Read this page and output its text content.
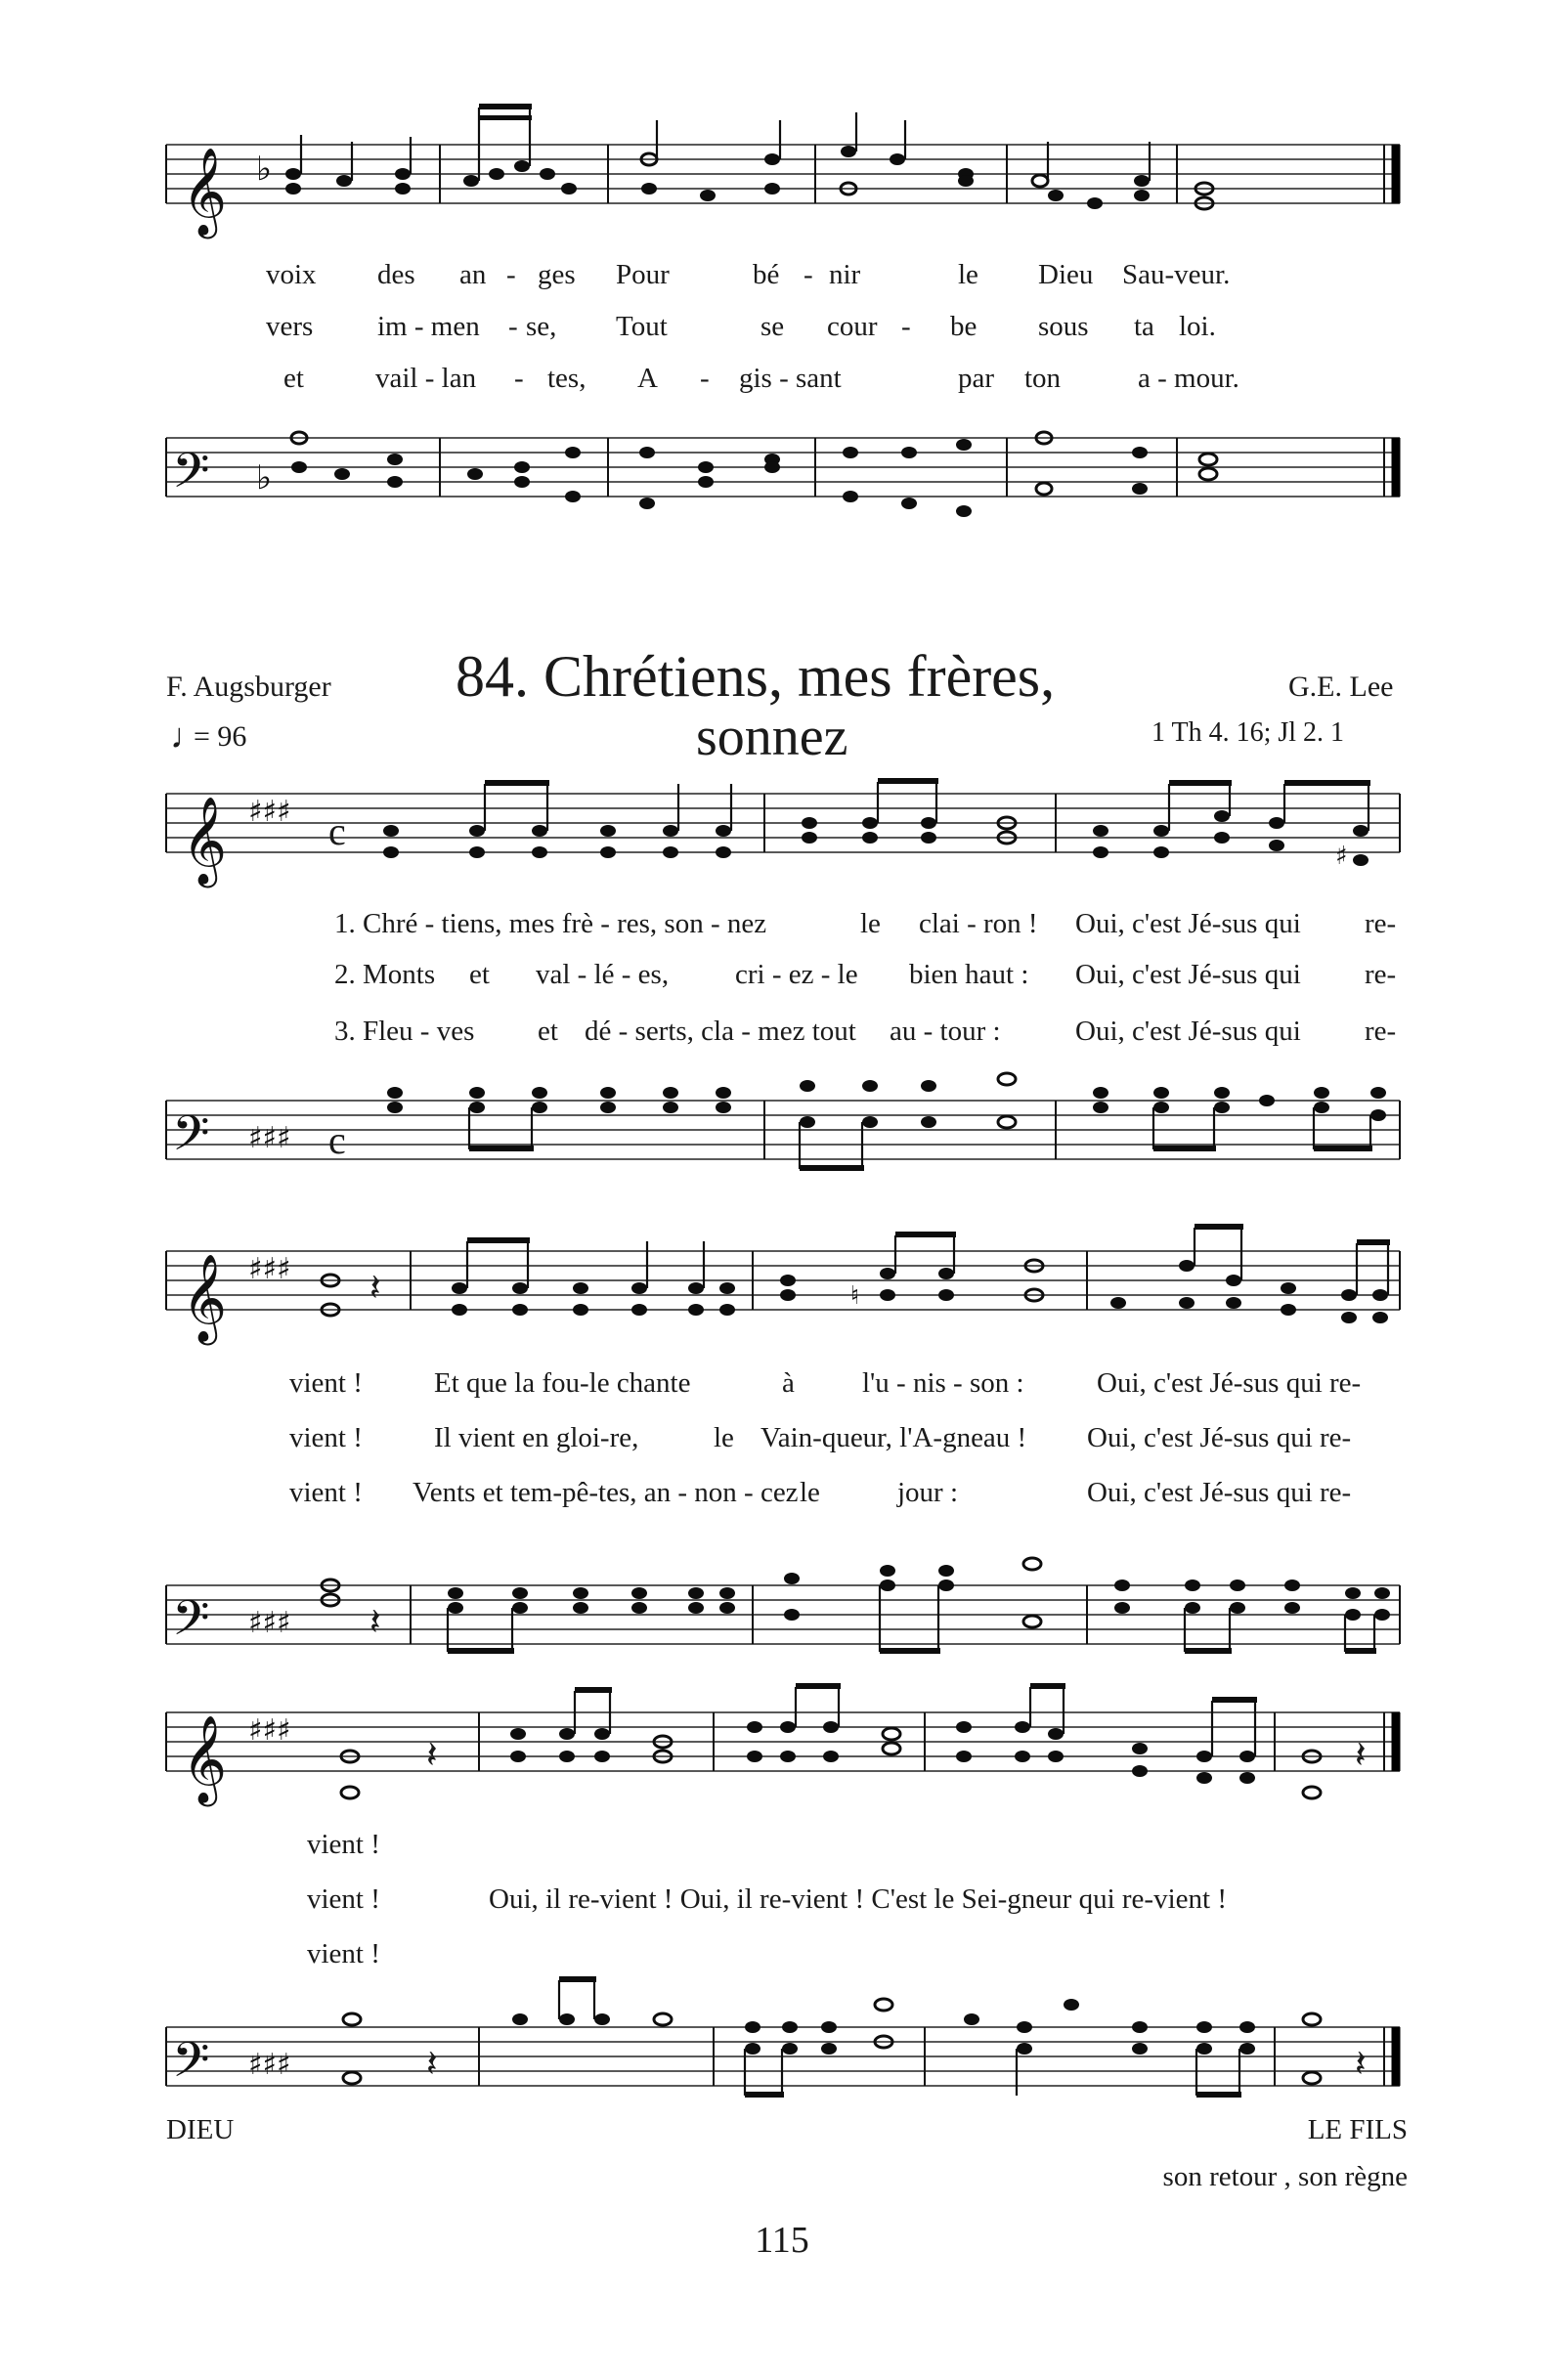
𝄞 ♭
voix des an - ges Pour	bé - nir	le Dieu Sau-veur.
vers im - men - se, Tout	se cour - be sous ta loi.
et	vail - lan - tes, A - gis - sant	par ton	a - mour.
𝄢 ♭
F. Augsburger 84. Chrétiens, mes frères,
sonnez
G.E. Lee
1 Th 4. 16; Jl 2. 1
♩
= 96
𝄞 ♯♯♯ c
♯
1. Chré - tiens, mes frè - res, son - nez	le clai - ron ! Oui, c'est Jé-sus qui re-
2. Monts et val - lé - es, cri - ez - le bien haut : Oui, c'est Jé-sus qui re-
3. Fleu - ves et dé - serts, cla - mez tout au - tour :	Oui, c'est Jé-sus qui re-
𝄢 ♯♯♯ c
𝄞 ♯♯♯ 𝄽	♮
vient !	Et que la fou-le chante	à l'u - nis - son :	Oui, c'est Jé-sus qui re-
vient !	Il vient en gloi-re,	le Vain-queur, l'A-gneau ! Oui, c'est Jé-sus qui re-
vient ! Vents et tem-pê-tes, an - non - cezle	jour :	Oui, c'est Jé-sus qui re-
𝄢 ♯♯♯ 𝄽
𝄞 ♯♯♯
𝄽	𝄽
vient !
vient !	Oui, il re-vient ! Oui, il re-vient ! C'est le Sei-gneur qui re-vient !
vient !
𝄢 ♯♯♯	𝄽	𝄽
DIEU	LE FILS
son retour , son règne
115
